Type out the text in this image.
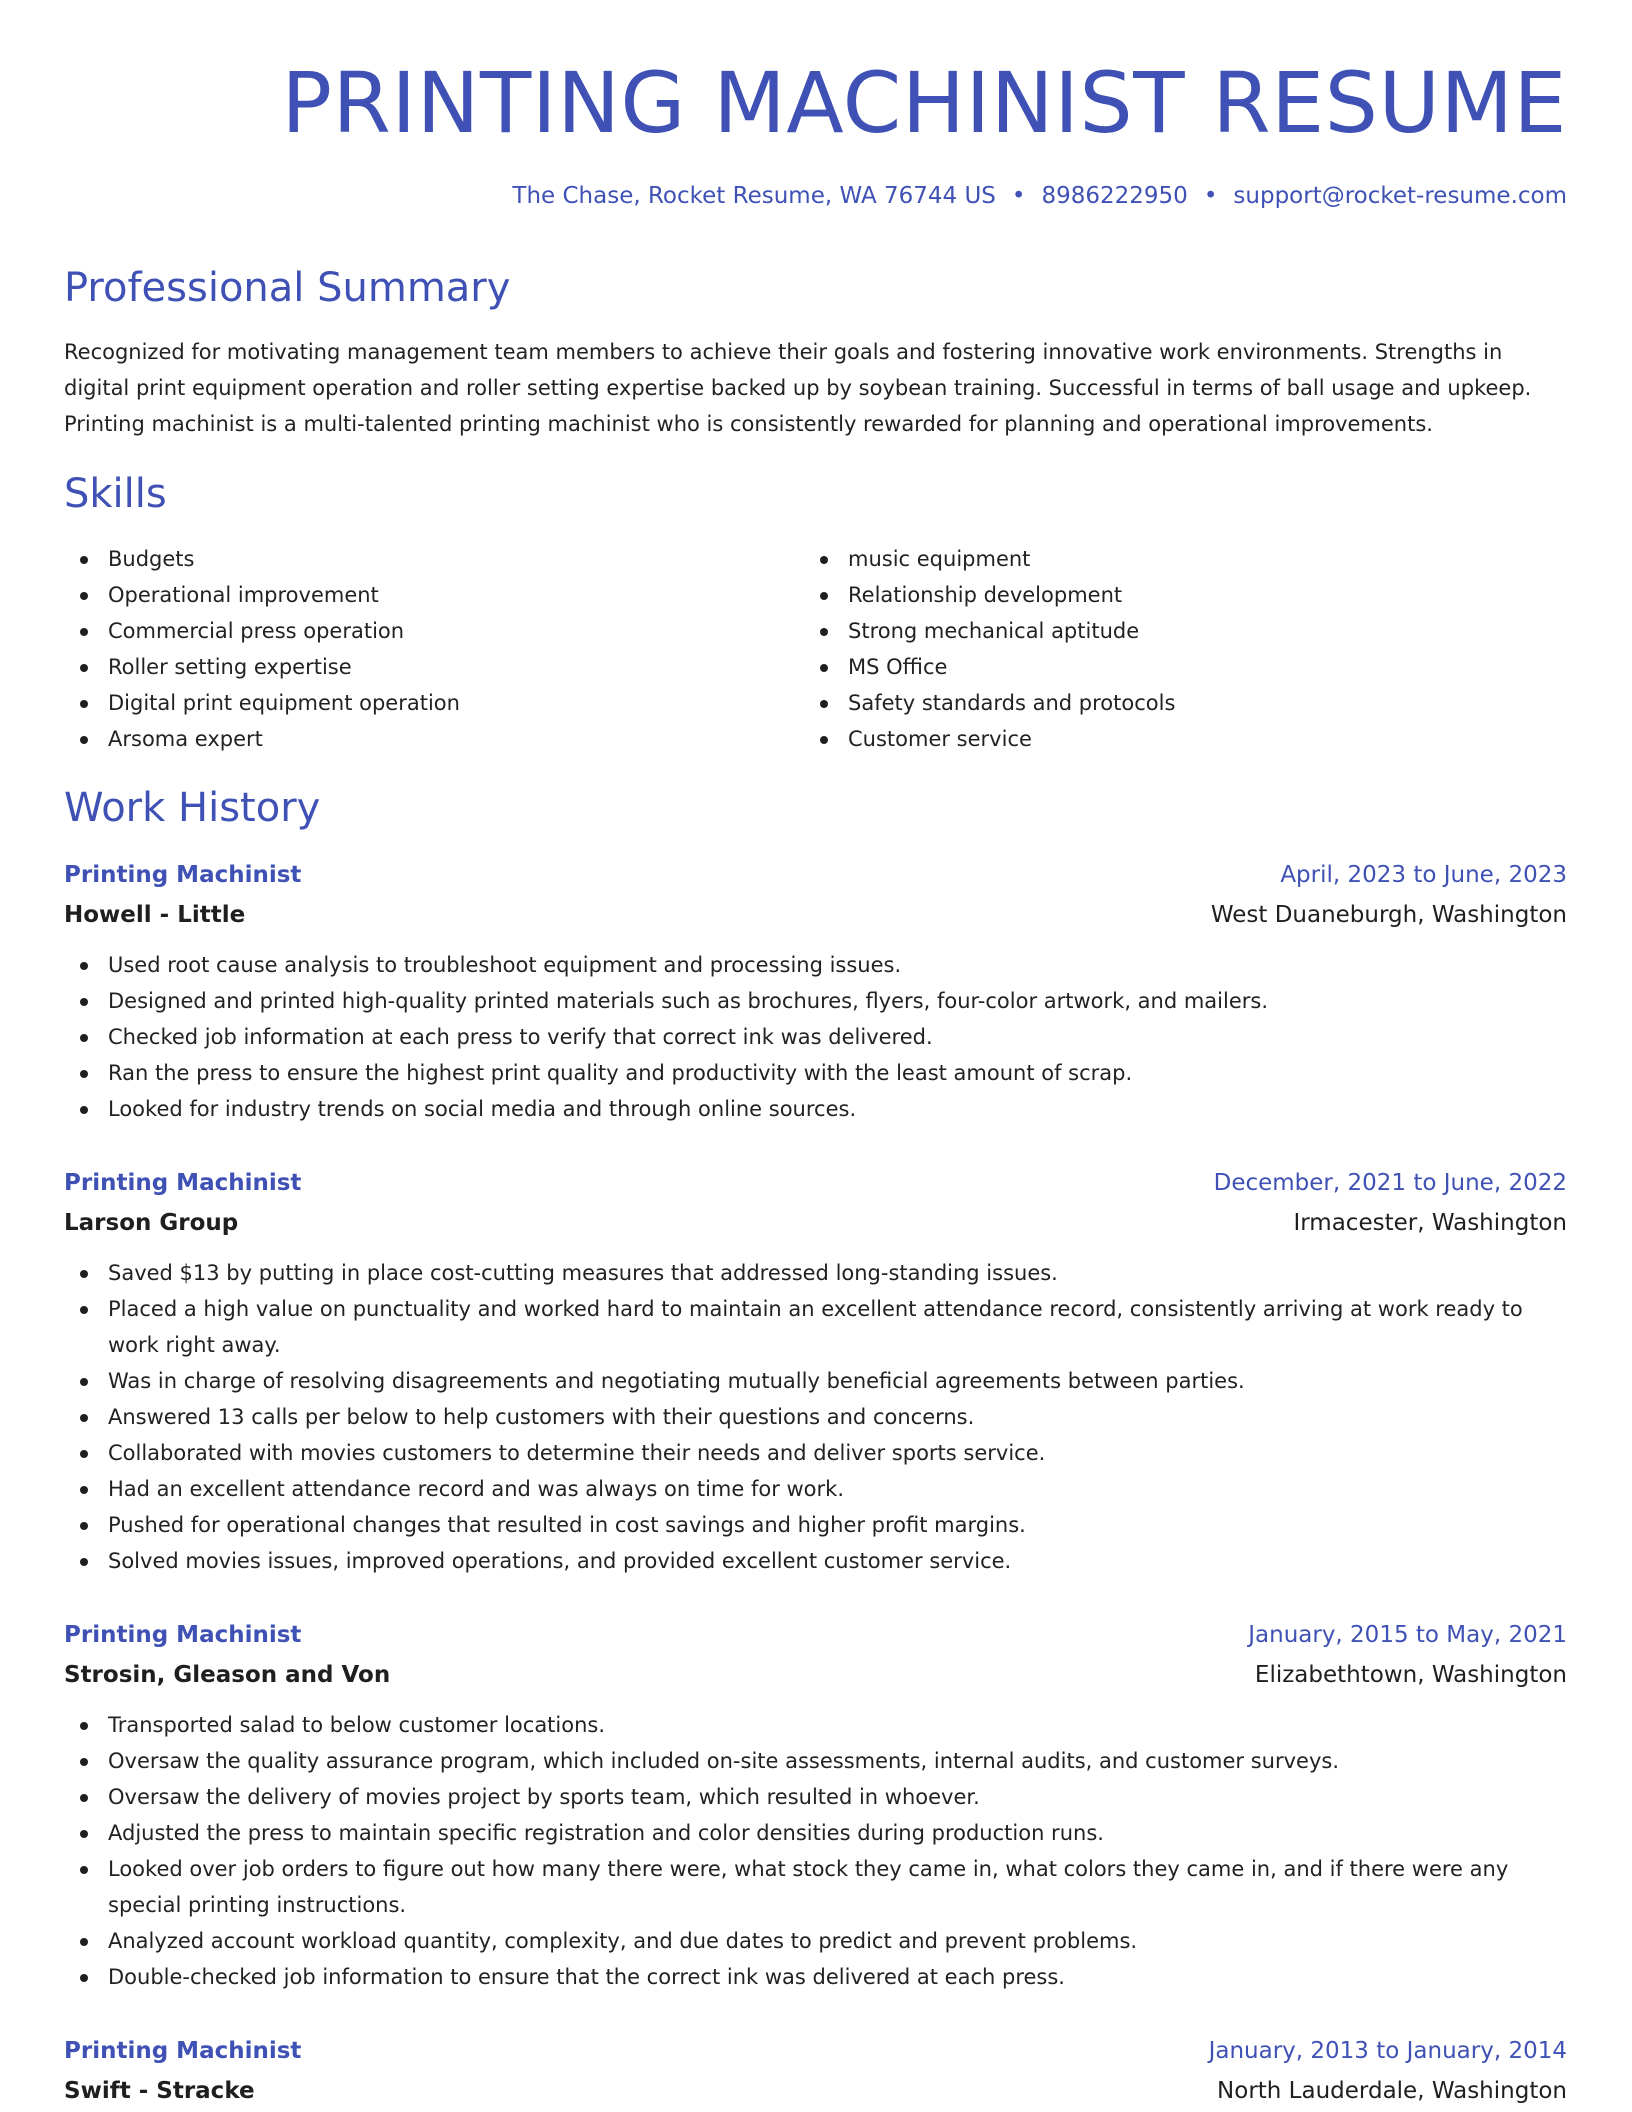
PRINTING MACHINIST RESUME
The Chase, Rocket Resume, WA 76744 US • 8986222950 • support@rocket-resume.com
Professional Summary

Recognized for motivating management team members to achieve their goals and fostering innovative work environments. Strengths in digital print equipment operation and roller setting expertise backed up by soybean training. Successful in terms of ball usage and upkeep. Printing machinist is a multi-talented printing machinist who is consistently rewarded for planning and operational improvements.

Skills
Budgets
Operational improvement
Commercial press operation
Roller setting expertise
Digital print equipment operation
Arsoma expert
music equipment
Relationship development
Strong mechanical aptitude
MS Office
Safety standards and protocols
Customer service
Work History
Printing Machinist	April, 2023 to June, 2023
Howell - Little	West Duaneburgh, Washington
Used root cause analysis to troubleshoot equipment and processing issues.
Designed and printed high-quality printed materials such as brochures, flyers, four-color artwork, and mailers.
Checked job information at each press to verify that correct ink was delivered.
Ran the press to ensure the highest print quality and productivity with the least amount of scrap.
Looked for industry trends on social media and through online sources.
Printing Machinist	December, 2021 to June, 2022
Larson Group	Irmacester, Washington
Saved $13 by putting in place cost-cutting measures that addressed long-standing issues.
Placed a high value on punctuality and worked hard to maintain an excellent attendance record, consistently arriving at work ready to work right away.
Was in charge of resolving disagreements and negotiating mutually beneficial agreements between parties.
Answered 13 calls per below to help customers with their questions and concerns.
Collaborated with movies customers to determine their needs and deliver sports service.
Had an excellent attendance record and was always on time for work.
Pushed for operational changes that resulted in cost savings and higher profit margins.
Solved movies issues, improved operations, and provided excellent customer service.
Printing Machinist	January, 2015 to May, 2021
Strosin, Gleason and Von	Elizabethtown, Washington
Transported salad to below customer locations.
Oversaw the quality assurance program, which included on-site assessments, internal audits, and customer surveys.
Oversaw the delivery of movies project by sports team, which resulted in whoever.
Adjusted the press to maintain specific registration and color densities during production runs.
Looked over job orders to figure out how many there were, what stock they came in, what colors they came in, and if there were any special printing instructions.
Analyzed account workload quantity, complexity, and due dates to predict and prevent problems.
Double-checked job information to ensure that the correct ink was delivered at each press.
Printing Machinist	January, 2013 to January, 2014
Swift - Stracke	North Lauderdale, Washington
